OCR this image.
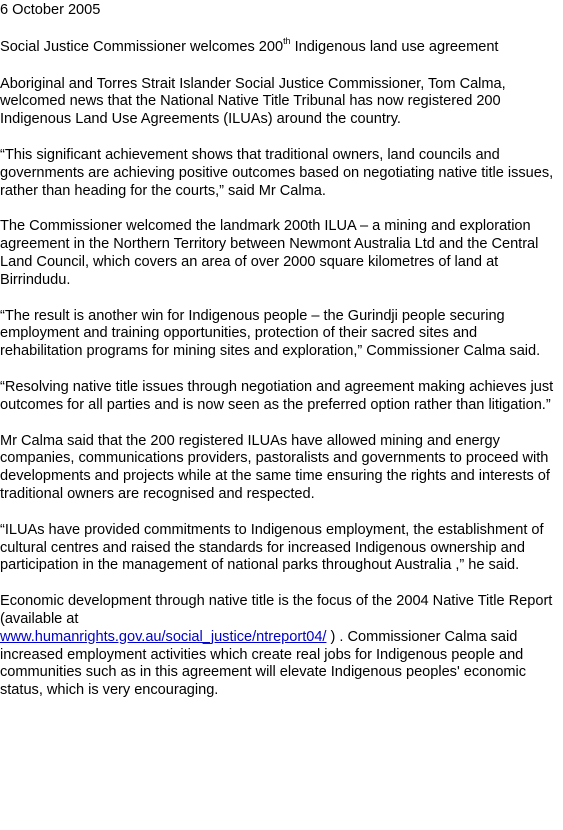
6 October 2005

Social Justice Commissioner welcomes 200th Indigenous land use agreement

Aboriginal and Torres Strait Islander Social Justice Commissioner, Tom Calma, welcomed news that the National Native Title Tribunal has now registered 200 Indigenous Land Use Agreements (ILUAs) around the country.

“This significant achievement shows that traditional owners, land councils and governments are achieving positive outcomes based on negotiating native title issues, rather than heading for the courts,” said Mr Calma.

The Commissioner welcomed the landmark 200th ILUA – a mining and exploration agreement in the Northern Territory between Newmont Australia Ltd and the Central Land Council, which covers an area of over 2000 square kilometres of land at Birrindudu.

“The result is another win for Indigenous people – the Gurindji people securing employment and training opportunities, protection of their sacred sites and rehabilitation programs for mining sites and exploration,” Commissioner Calma said.

“Resolving native title issues through negotiation and agreement making achieves just outcomes for all parties and is now seen as the preferred option rather than litigation.”

Mr Calma said that the 200 registered ILUAs have allowed mining and energy companies, communications providers, pastoralists and governments to proceed with developments and projects while at the same time ensuring the rights and interests of traditional owners are recognised and respected.

“ILUAs have provided commitments to Indigenous employment, the establishment of cultural centres and raised the standards for increased Indigenous ownership and participation in the management of national parks throughout Australia ,” he said.

Economic development through native title is the focus of the 2004 Native Title Report (available at
www.humanrights.gov.au/social_justice/ntreport04/ ) . Commissioner Calma said increased employment activities which create real jobs for Indigenous people and communities such as in this agreement will elevate Indigenous peoples' economic status, which is very encouraging.
